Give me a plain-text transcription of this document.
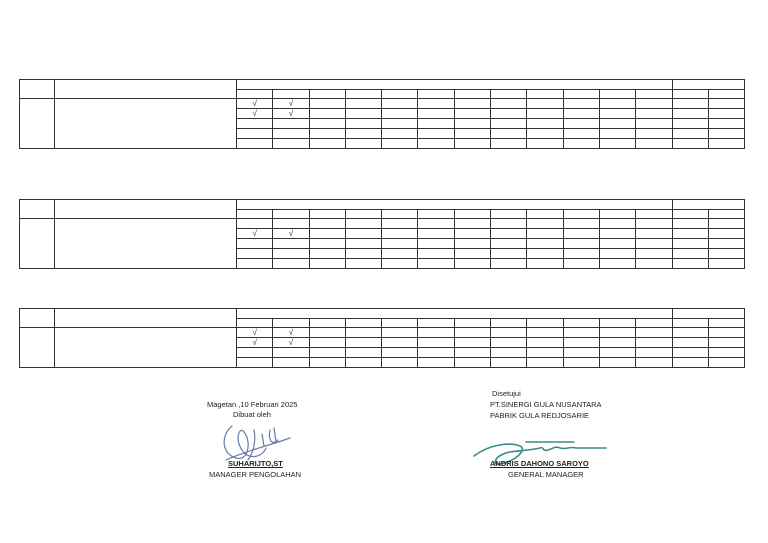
		√	√												
		√	√												

		√	√												

		√	√												
		√	√												

Magetan ,10 Februari 2025
Dibuat oleh
SUHARIJTO,ST
MANAGER PENGOLAHAN
Disetujui
PT.SINERGI GULA NUSANTARA
PABRIK GULA REDJOSARIE
ANDRIS DAHONO SAROYO
GENERAL MANAGER
